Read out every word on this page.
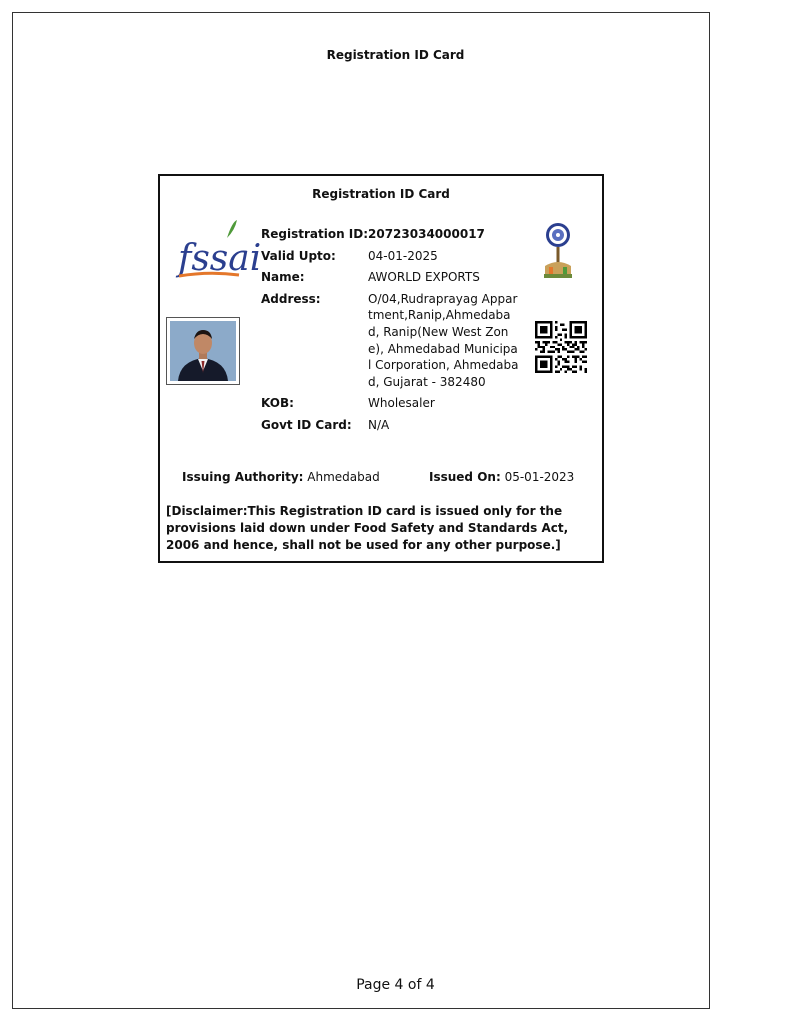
Registration ID Card
Registration ID Card
fssai
Registration ID: 20723034000017
Valid Upto:	04-01-2025
Name:	AWORLD EXPORTS
Address:	O/04,Rudraprayag Appartment,Ranip,Ahmedabad, Ranip(New West Zone), Ahmedabad Municipal Corporation, Ahmedabad, Gujarat - 382480
KOB:	Wholesaler
Govt ID Card:	N/A
Issuing Authority: Ahmedabad	Issued On: 05-01-2023
[Disclaimer:This Registration ID card is issued only for the provisions laid down under Food Safety and Standards Act, 2006 and hence, shall not be used for any other purpose.]
Page 4 of 4
